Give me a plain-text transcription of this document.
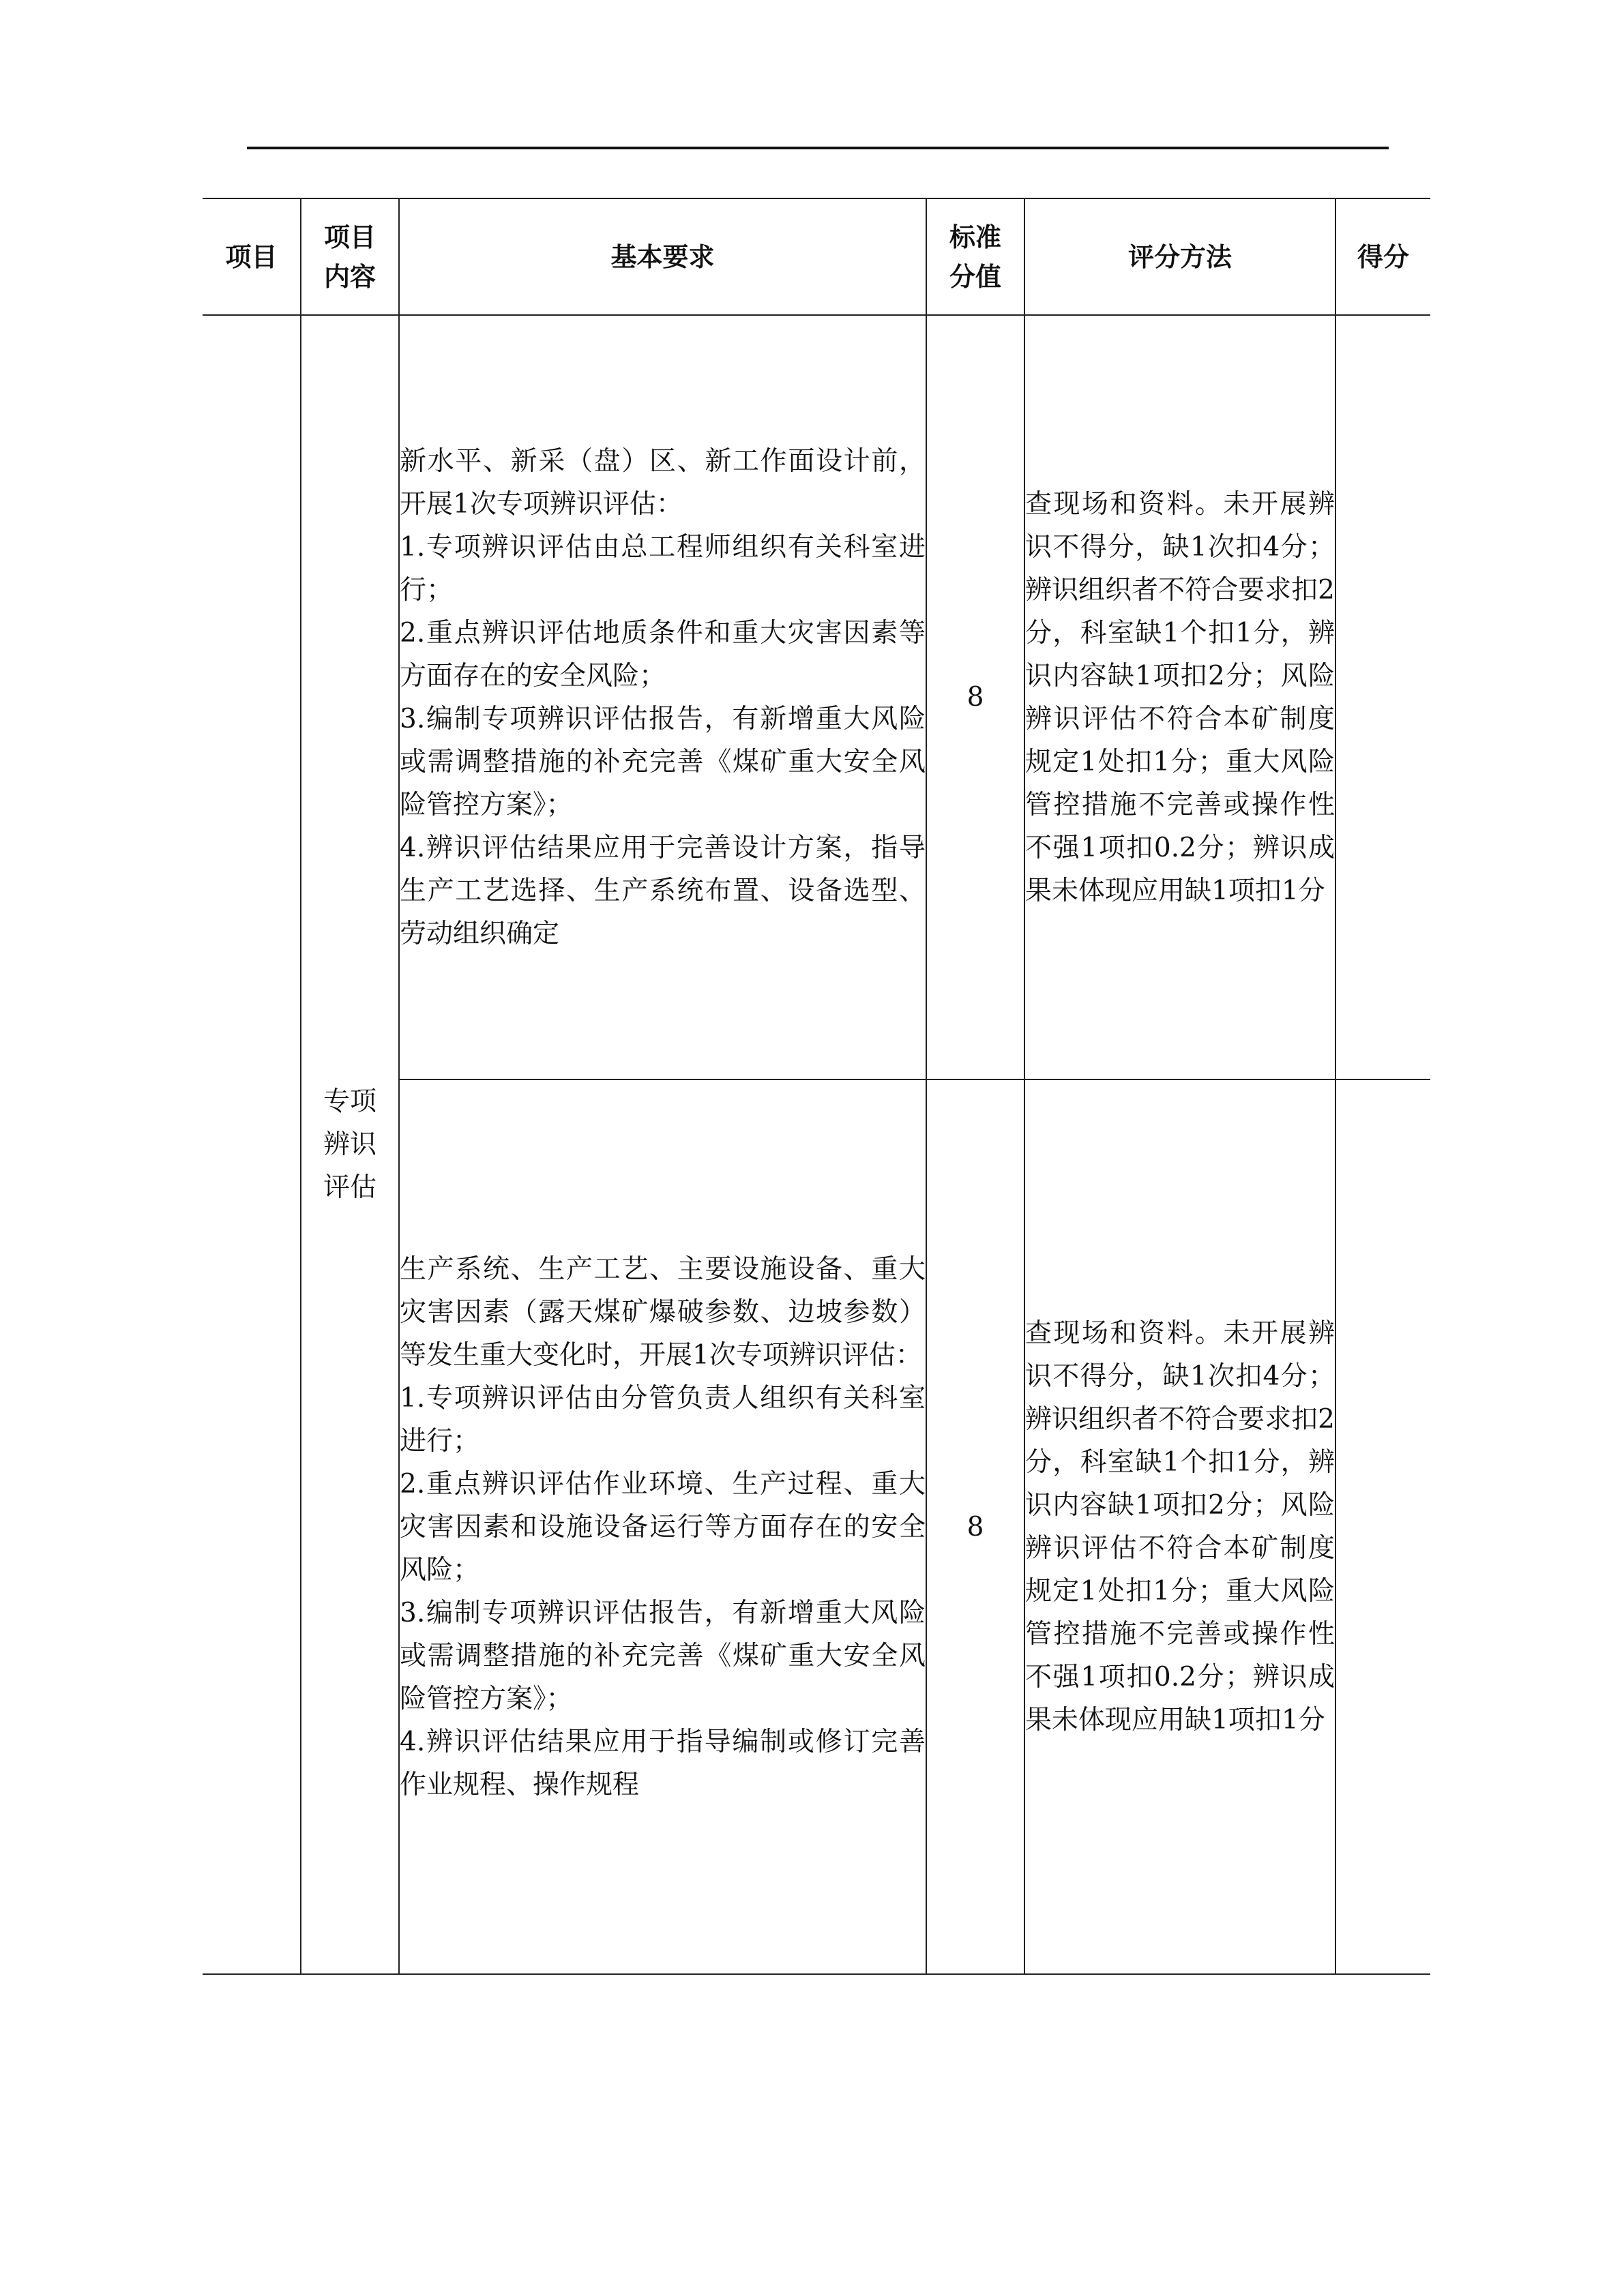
项目	项目内容	基本要求	标准分值	评分方法	得分
	专项辨识评估	新水平、新采（盘）区、新工作面设计前，开展1次专项辨识评估：
1.专项辨识评估由总工程师组织有关科室进行；
2.重点辨识评估地质条件和重大灾害因素等方面存在的安全风险；
3.编制专项辨识评估报告，有新增重大风险或需调整措施的补充完善《煤矿重大安全风险管控方案》；
4.辨识评估结果应用于完善设计方案，指导生产工艺选择、生产系统布置、设备选型、劳动组织确定	8	查现场和资料。未开展辨识不得分，缺1次扣4分；辨识组织者不符合要求扣2分，科室缺1个扣1分，辨识内容缺1项扣2分；风险辨识评估不符合本矿制度规定1处扣1分；重大风险管控措施不完善或操作性不强1项扣0.2分；辨识成果未体现应用缺1项扣1分	

		生产系统、生产工艺、主要设施设备、重大灾害因素（露天煤矿爆破参数、边坡参数）等发生重大变化时，开展1次专项辨识评估：
1.专项辨识评估由分管负责人组织有关科室进行；
2.重点辨识评估作业环境、生产过程、重大灾害因素和设施设备运行等方面存在的安全风险；
3.编制专项辨识评估报告，有新增重大风险或需调整措施的补充完善《煤矿重大安全风险管控方案》；
4.辨识评估结果应用于指导编制或修订完善作业规程、操作规程	8	查现场和资料。未开展辨识不得分，缺1次扣4分；辨识组织者不符合要求扣2分，科室缺1个扣1分，辨识内容缺1项扣2分；风险辨识评估不符合本矿制度规定1处扣1分；重大风险管控措施不完善或操作性不强1项扣0.2分；辨识成果未体现应用缺1项扣1分	
